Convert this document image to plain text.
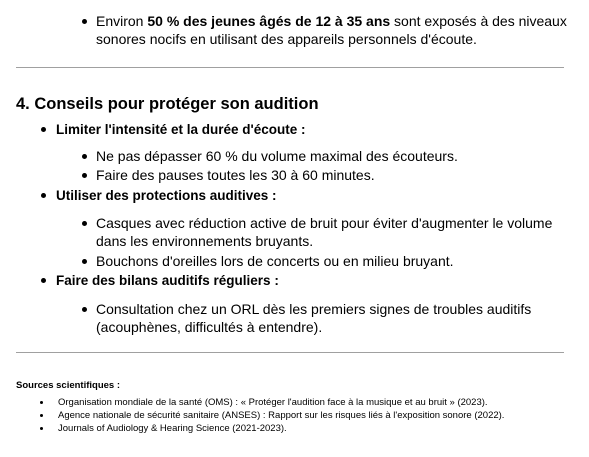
Environ 50 % des jeunes âgés de 12 à 35 ans sont exposés à des niveaux
sonores nocifs en utilisant des appareils personnels d'écoute.
4. Conseils pour protéger son audition
Limiter l'intensité et la durée d'écoute :
Ne pas dépasser 60 % du volume maximal des écouteurs.
Faire des pauses toutes les 30 à 60 minutes.
Utiliser des protections auditives :
Casques avec réduction active de bruit pour éviter d'augmenter le volume
dans les environnements bruyants.
Bouchons d'oreilles lors de concerts ou en milieu bruyant.
Faire des bilans auditifs réguliers :
Consultation chez un ORL dès les premiers signes de troubles auditifs
(acouphènes, difficultés à entendre).
Sources scientifiques :
Organisation mondiale de la santé (OMS) : « Protéger l'audition face à la musique et au bruit » (2023).
Agence nationale de sécurité sanitaire (ANSES) : Rapport sur les risques liés à l'exposition sonore (2022).
Journals of Audiology & Hearing Science (2021-2023).
